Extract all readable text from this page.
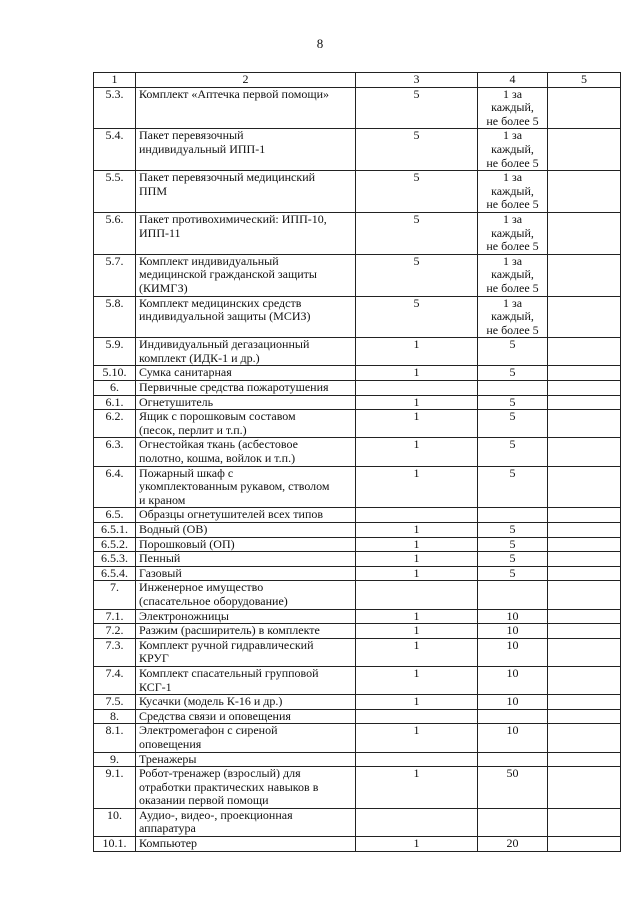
8
1	2	3	4	5
5.3.	Комплект «Аптечка первой помощи»	5	1 за каждый,
не более 5	
5.4.	Пакет перевязочный
индивидуальный ИПП-1	5	1 за каждый,
не более 5	
5.5.	Пакет перевязочный медицинский
ППМ	5	1 за каждый,
не более 5	
5.6.	Пакет противохимический: ИПП-10,
ИПП-11	5	1 за каждый,
не более 5	
5.7.	Комплект индивидуальный
медицинской гражданской защиты
(КИМГЗ)	5	1 за каждый,
не более 5	
5.8.	Комплект медицинских средств
индивидуальной защиты (МСИЗ)	5	1 за каждый,
не более 5	
5.9.	Индивидуальный дегазационный
комплект (ИДК-1 и др.)	1	5	
5.10.	Сумка санитарная	1	5	
6.	Первичные средства пожаротушения			
6.1.	Огнетушитель	1	5	
6.2.	Ящик с порошковым составом
(песок, перлит и т.п.)	1	5	
6.3.	Огнестойкая ткань (асбестовое
полотно, кошма, войлок и т.п.)	1	5	
6.4.	Пожарный шкаф с
укомплектованным рукавом, стволом
и краном	1	5	
6.5.	Образцы огнетушителей всех типов			
6.5.1.	Водный (ОВ)	1	5	
6.5.2.	Порошковый (ОП)	1	5	
6.5.3.	Пенный	1	5	
6.5.4.	Газовый	1	5	
7.	Инженерное имущество
(спасательное оборудование)			
7.1.	Электроножницы	1	10	
7.2.	Разжим (расширитель) в комплекте	1	10	
7.3.	Комплект ручной гидравлический
КРУГ	1	10	
7.4.	Комплект спасательный групповой
КСГ-1	1	10	
7.5.	Кусачки (модель К-16 и др.)	1	10	
8.	Средства связи и оповещения			
8.1.	Электромегафон с сиреной
оповещения	1	10	
9.	Тренажеры			
9.1.	Робот-тренажер (взрослый) для
отработки практических навыков в
оказании первой помощи	1	50	
10.	Аудио-, видео-, проекционная
аппаратура			
10.1.	Компьютер	1	20	
